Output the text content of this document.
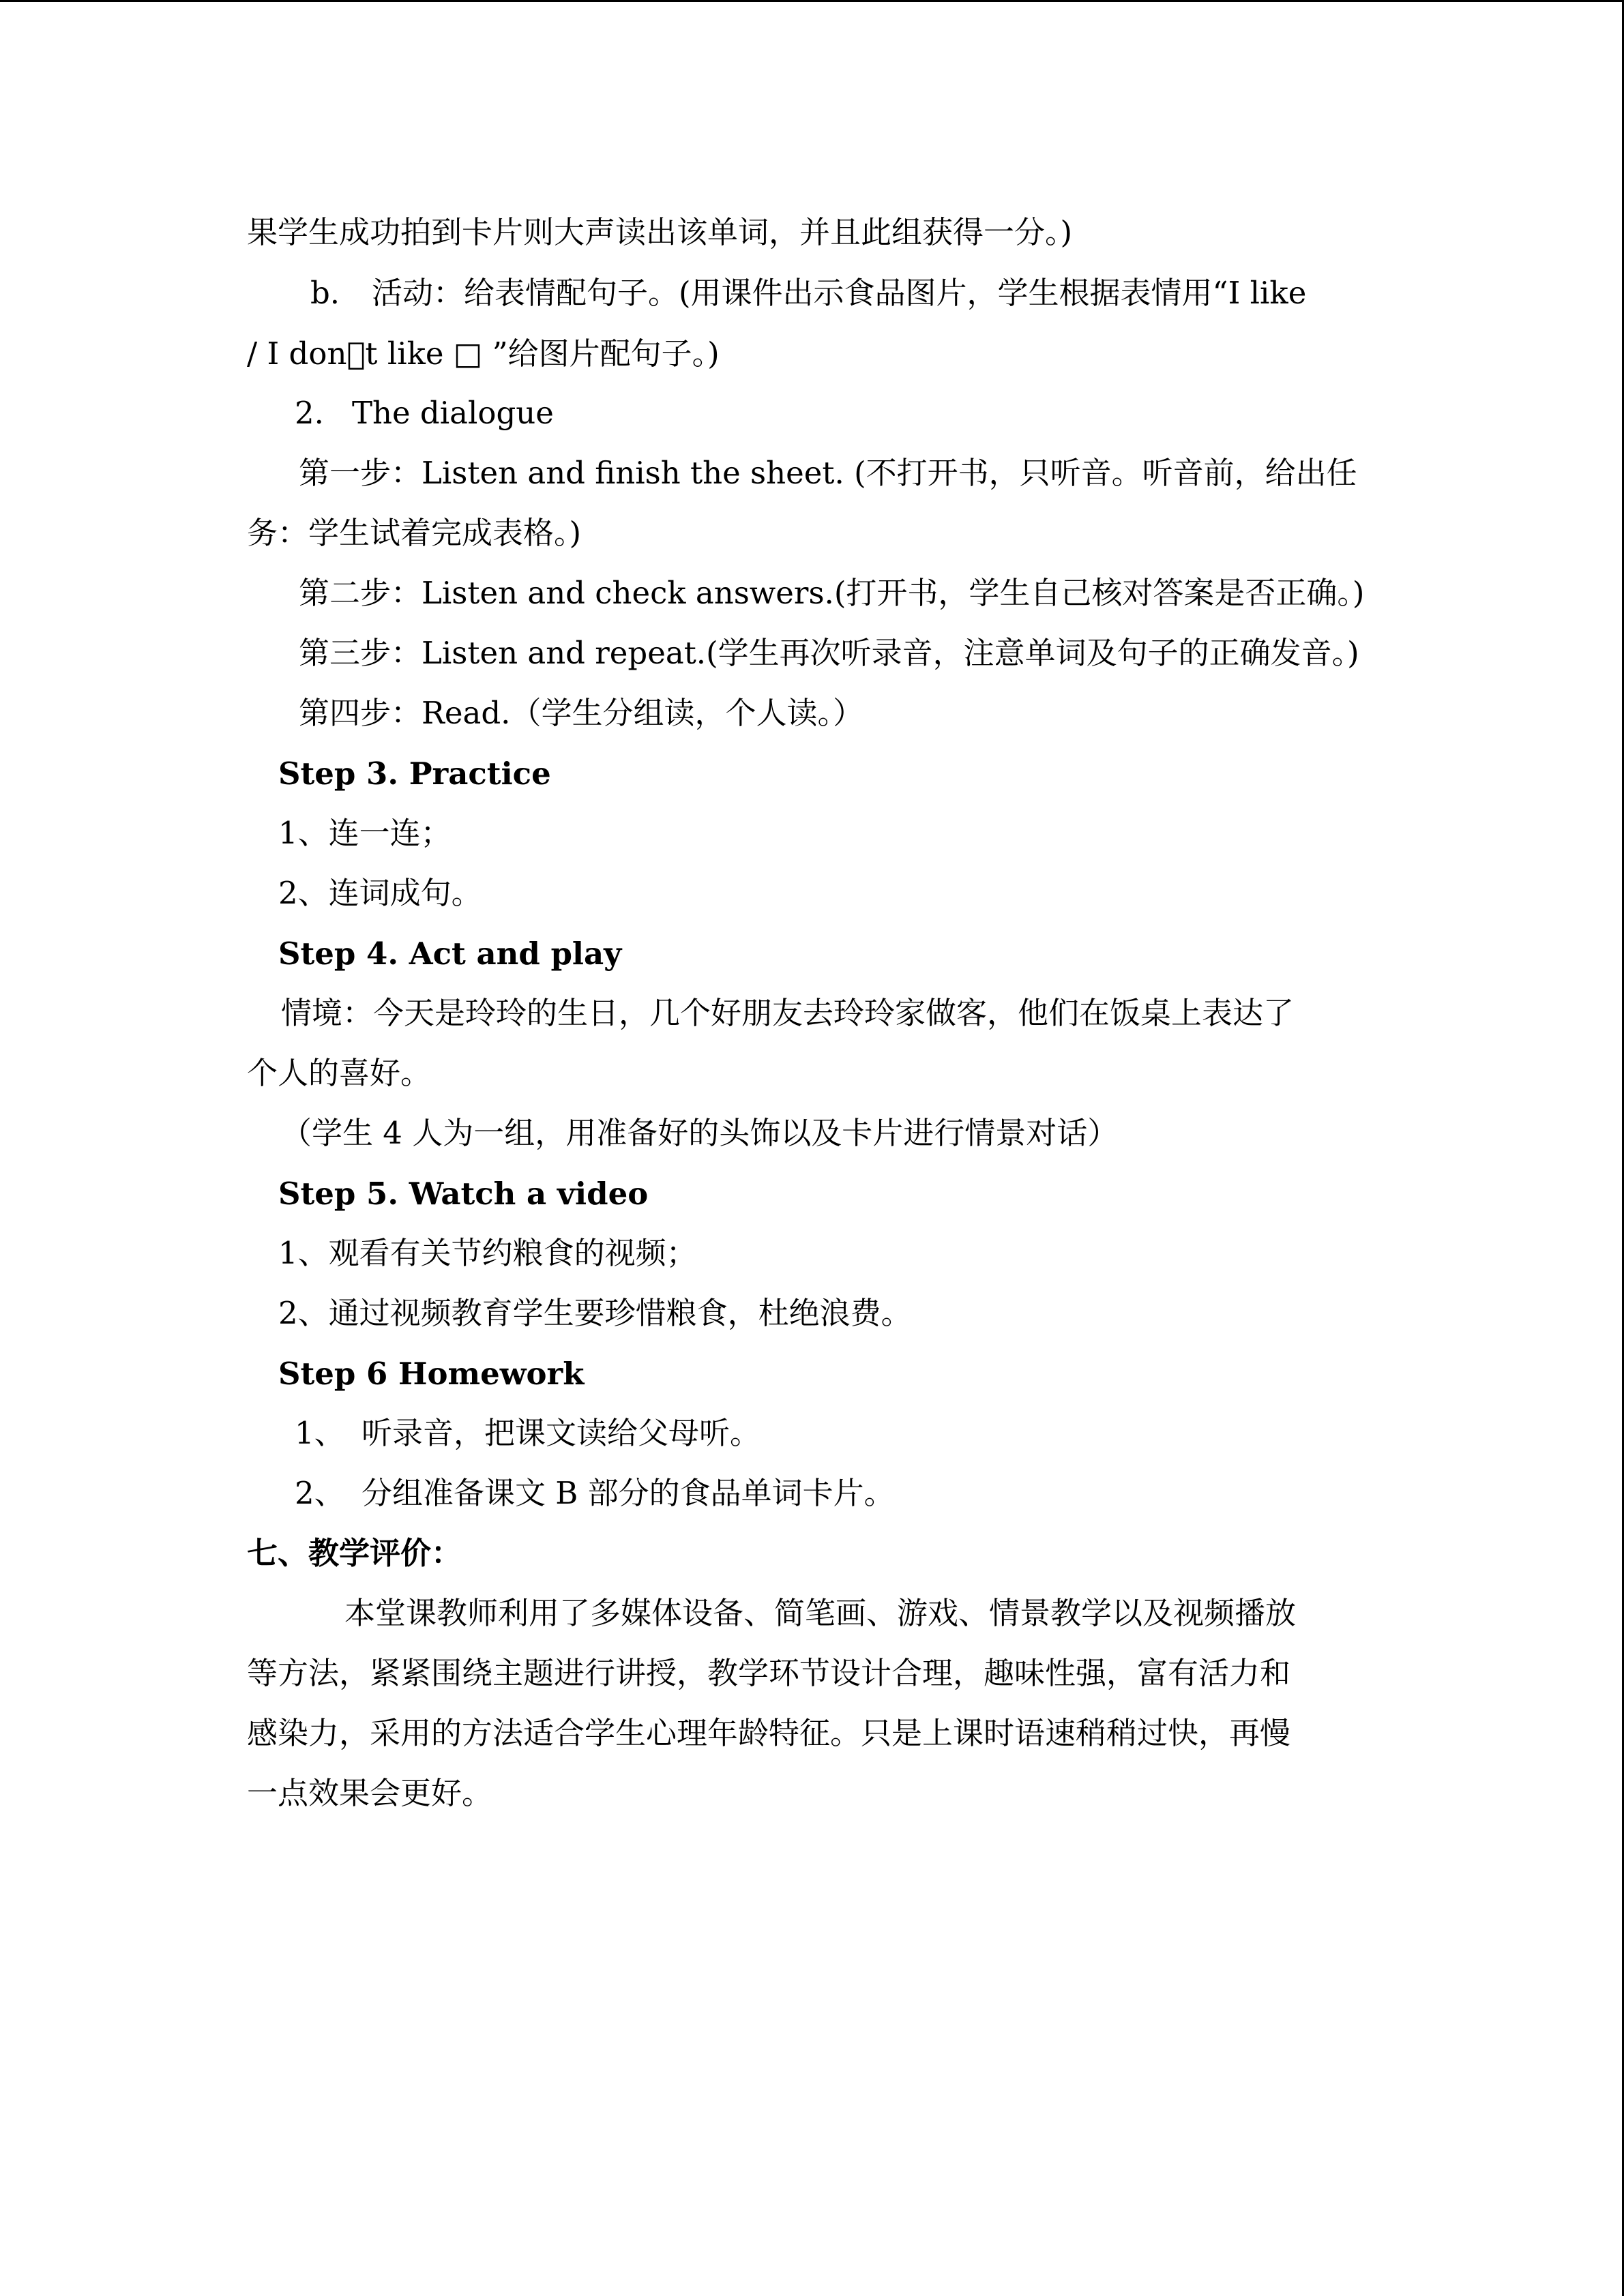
果学生成功拍到卡片则大声读出该单词，并且此组获得一分。)
b. 活动：给表情配句子。(用课件出示食品图片，学生根据表情用“I like
/ I don t like □ ”给图片配句子。)
2. The dialogue
第一步：Listen and finish the sheet. (不打开书，只听音。听音前，给出任
务：学生试着完成表格。)
第二步：Listen and check answers.(打开书，学生自己核对答案是否正确。)
第三步：Listen and repeat.(学生再次听录音，注意单词及句子的正确发音。)
第四步：Read.（学生分组读，个人读。）
Step 3. Practice
1、连一连；
2、连词成句。
Step 4. Act and play
情境：今天是玲玲的生日，几个好朋友去玲玲家做客，他们在饭桌上表达了
个人的喜好。
（学生 4 人为一组，用准备好的头饰以及卡片进行情景对话）
Step 5. Watch a video
1、观看有关节约粮食的视频；
2、通过视频教育学生要珍惜粮食，杜绝浪费。
Step 6 Homework
1、 听录音，把课文读给父母听。
2、 分组准备课文 B 部分的食品单词卡片。
七、教学评价：
本堂课教师利用了多媒体设备、简笔画、游戏、情景教学以及视频播放
等方法，紧紧围绕主题进行讲授，教学环节设计合理，趣味性强，富有活力和
感染力，采用的方法适合学生心理年龄特征。只是上课时语速稍稍过快，再慢
一点效果会更好。
